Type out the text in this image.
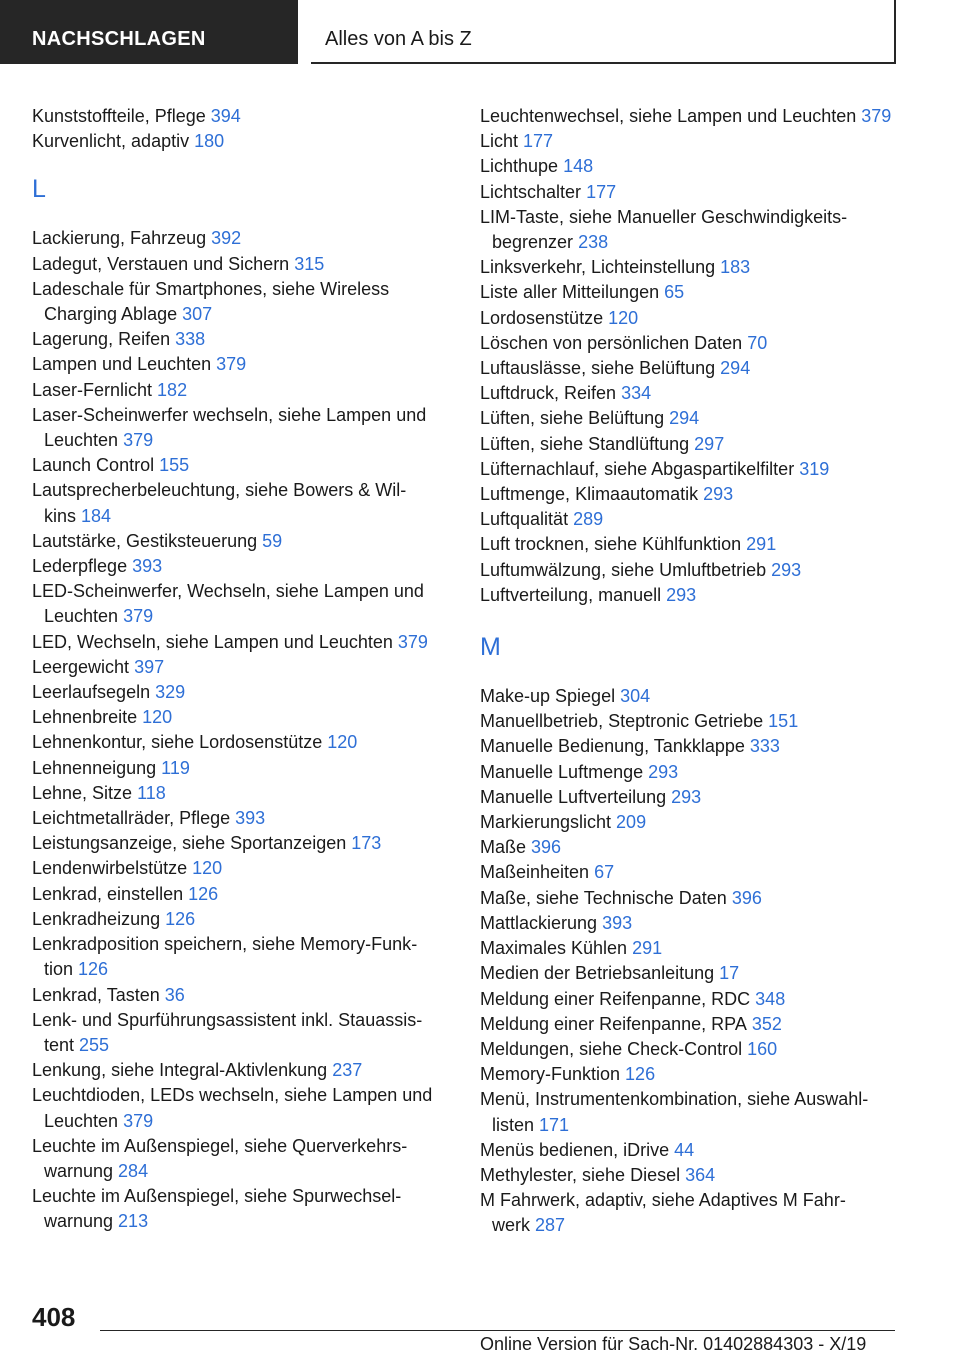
NACHSCHLAGEN	Alles von A bis Z
Kunststoffteile, Pflege 394
Kurvenlicht, adaptiv 180
L
Lackierung, Fahrzeug 392
Ladegut, Verstauen und Sichern 315
Ladeschale für Smartphones, siehe Wireless Charging Ablage 307
Lagerung, Reifen 338
Lampen und Leuchten 379
Laser-Fernlicht 182
Laser-Scheinwerfer wechseln, siehe Lampen und Leuchten 379
Launch Control 155
Lautsprecherbeleuchtung, siehe Bowers & Wilkins 184
Lautstärke, Gestiksteuerung 59
Lederpflege 393
LED-Scheinwerfer, Wechseln, siehe Lampen und Leuchten 379
LED, Wechseln, siehe Lampen und Leuchten 379
Leergewicht 397
Leerlaufsegeln 329
Lehnenbreite 120
Lehnenkontur, siehe Lordosenstütze 120
Lehnenneigung 119
Lehne, Sitze 118
Leichtmetallräder, Pflege 393
Leistungsanzeige, siehe Sportanzeigen 173
Lendenwirbelstütze 120
Lenkrad, einstellen 126
Lenkradheizung 126
Lenkradposition speichern, siehe Memory-Funktion 126
Lenkrad, Tasten 36
Lenk- und Spurführungsassistent inkl. Stauassistent 255
Lenkung, siehe Integral-Aktivlenkung 237
Leuchtdioden, LEDs wechseln, siehe Lampen und Leuchten 379
Leuchte im Außenspiegel, siehe Querverkehrswarnung 284
Leuchte im Außenspiegel, siehe Spurwechselwarnung 213
Leuchtenwechsel, siehe Lampen und Leuchten 379
Licht 177
Lichthupe 148
Lichtschalter 177
LIM-Taste, siehe Manueller Geschwindigkeitsbegrenzer 238
Linksverkehr, Lichteinstellung 183
Liste aller Mitteilungen 65
Lordosenstütze 120
Löschen von persönlichen Daten 70
Luftauslässe, siehe Belüftung 294
Luftdruck, Reifen 334
Lüften, siehe Belüftung 294
Lüften, siehe Standlüftung 297
Lüfternachlauf, siehe Abgaspartikelfilter 319
Luftmenge, Klimaautomatik 293
Luftqualität 289
Luft trocknen, siehe Kühlfunktion 291
Luftumwälzung, siehe Umluftbetrieb 293
Luftverteilung, manuell 293
M
Make-up Spiegel 304
Manuellbetrieb, Steptronic Getriebe 151
Manuelle Bedienung, Tankklappe 333
Manuelle Luftmenge 293
Manuelle Luftverteilung 293
Markierungslicht 209
Maße 396
Maßeinheiten 67
Maße, siehe Technische Daten 396
Mattlackierung 393
Maximales Kühlen 291
Medien der Betriebsanleitung 17
Meldung einer Reifenpanne, RDC 348
Meldung einer Reifenpanne, RPA 352
Meldungen, siehe Check-Control 160
Memory-Funktion 126
Menü, Instrumentenkombination, siehe Auswahllisten 171
Menüs bedienen, iDrive 44
Methylester, siehe Diesel 364
M Fahrwerk, adaptiv, siehe Adaptives M Fahrwerk 287
408
Online Version für Sach-Nr. 01402884303 - X/19
